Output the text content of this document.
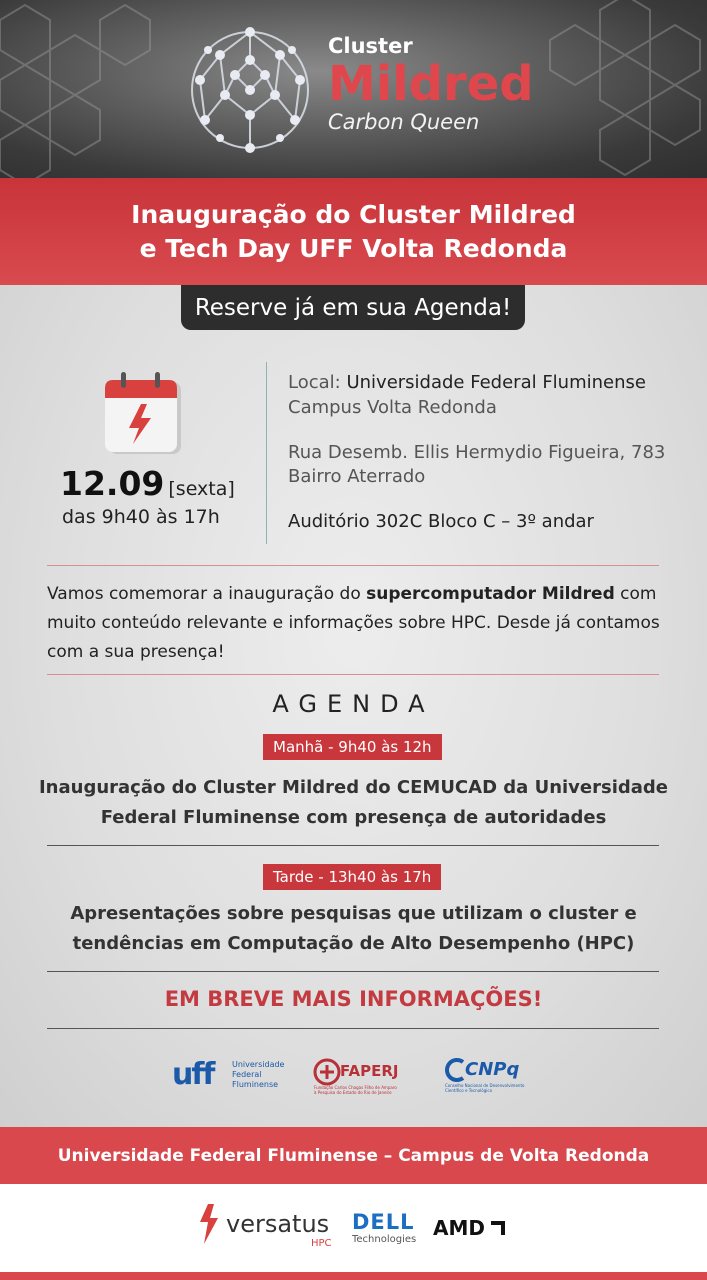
Cluster
Mildred
Carbon Queen
Inauguração do Cluster Mildred
e Tech Day UFF Volta Redonda
Reserve já em sua Agenda!
12.09 [sexta]
das 9h40 às 17h
Local: Universidade Federal Fluminense
Campus Volta Redonda
Rua Desemb. Ellis Hermydio Figueira, 783
Bairro Aterrado
Auditório 302C Bloco C – 3º andar
Vamos comemorar a inauguração do supercomputador Mildred com muito conteúdo relevante e informações sobre HPC. Desde já contamos com a sua presença!
AGENDA
Manhã - 9h40 às 12h
Inauguração do Cluster Mildred do CEMUCAD da Universidade
Federal Fluminense com presença de autoridades
Tarde - 13h40 às 17h
Apresentações sobre pesquisas que utilizam o cluster e
tendências em Computação de Alto Desempenho (HPC)
EM BREVE MAIS INFORMAÇÕES!
uff Universidade
Federal
Fluminense
FAPERJ
Fundação Carlos Chagas Filho de Amparo
à Pesquisa do Estado do Rio de Janeiro
CNPq
Conselho Nacional de Desenvolvimento
Científico e Tecnológico
Universidade Federal Fluminense – Campus de Volta Redonda
versatus
HPC
DELL
Technologies AMD
